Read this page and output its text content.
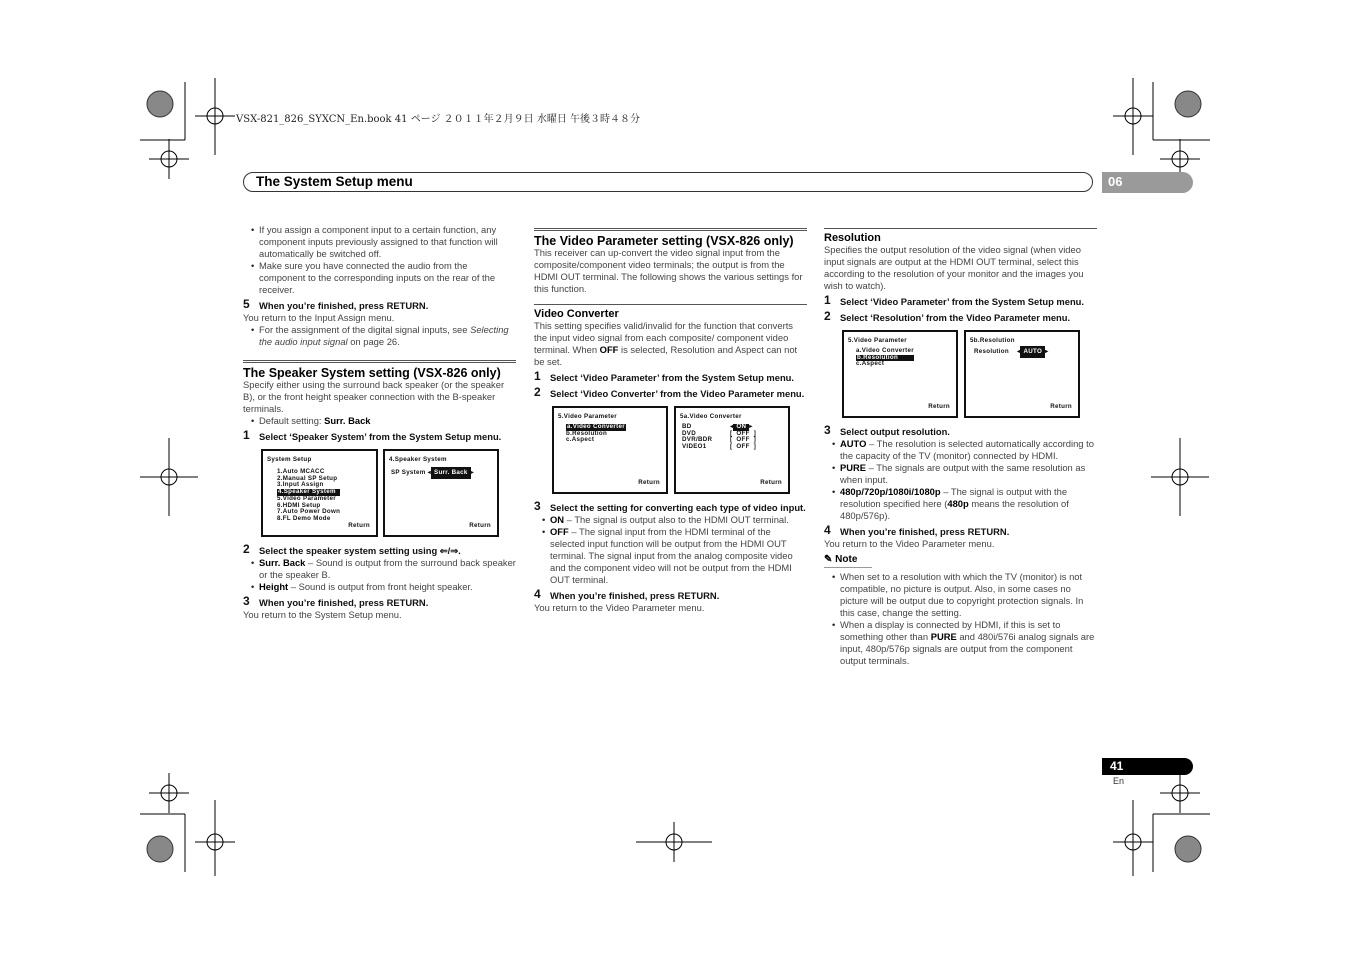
VSX-821_826_SYXCN_En.book 41 ページ ２０１１年２月９日 水曜日 午後３時４８分
The System Setup menu	06

• If you assign a component input to a certain function, any component inputs previously assigned to that function will automatically be switched off.

• Make sure you have connected the audio from the component to the corresponding inputs on the rear of the receiver.

5 When you’re finished, press RETURN.

You return to the Input Assign menu.

• For the assignment of the digital signal inputs, see Selecting the audio input signal on page 26.

The Speaker System setting (VSX-826 only)

Specify either using the surround back speaker (or the speaker B), or the front height speaker connection with the B-speaker terminals.

• Default setting: Surr. Back

1 Select ‘Speaker System’ from the System Setup menu.
System Setup
1.Auto MCACC
2.Manual SP Setup
3.Input Assign
4.Speaker System
5.Video Parameter
6.HDMI Setup
7.Auto Power Down
8.FL Demo Mode
Return
4.Speaker System
SP System ◂ Surr. Back ▸
Return
2 Select the speaker system setting using ⇐/⇒.

• Surr. Back – Sound is output from the surround back speaker or the speaker B.

• Height – Sound is output from front height speaker.

3 When you’re finished, press RETURN.

You return to the System Setup menu.

The Video Parameter setting (VSX-826 only)

This receiver can up-convert the video signal input from the composite/component video terminals; the output is from the HDMI OUT terminal. The following shows the various settings for this function.

Video Converter

This setting specifies valid/invalid for the function that converts the input video signal from each composite/ component video terminal. When OFF is selected, Resolution and Aspect can not be set.

1 Select ‘Video Parameter’ from the System Setup menu.
2 Select ‘Video Converter’ from the Video Parameter menu.
5.Video Parameter
a.Video Converter
b.Resolution
c.Aspect
Return
5a.Video Converter
BD	◂ ON ▸
DVD	[  OFF  ]
DVR/BDR	[  OFF  ]
VIDEO1	[  OFF  ]
Return
3 Select the setting for converting each type of video input.

• ON – The signal is output also to the HDMI OUT terminal.

• OFF – The signal input from the HDMI terminal of the selected input function will be output from the HDMI OUT terminal. The signal input from the analog composite video and the component video will not be output from the HDMI OUT terminal.

4 When you’re finished, press RETURN.

You return to the Video Parameter menu.

Resolution

Specifies the output resolution of the video signal (when video input signals are output at the HDMI OUT terminal, select this according to the resolution of your monitor and the images you wish to watch).

1 Select ‘Video Parameter’ from the System Setup menu.
2 Select ‘Resolution’ from the Video Parameter menu.
5.Video Parameter
a.Video Converter
b.Resolution
c.Aspect
Return
5b.Resolution
Resolution    ◂ AUTO ▸
Return
3 Select output resolution.

• AUTO – The resolution is selected automatically according to the capacity of the TV (monitor) connected by HDMI.

• PURE – The signals are output with the same resolution as when input.

• 480p/720p/1080i/1080p – The signal is output with the resolution specified here (480p means the resolution of 480p/576p).

4 When you’re finished, press RETURN.

You return to the Video Parameter menu.

✎ Note

• When set to a resolution with which the TV (monitor) is not compatible, no picture is output. Also, in some cases no picture will be output due to copyright protection signals. In this case, change the setting.

• When a display is connected by HDMI, if this is set to something other than PURE and 480i/576i analog signals are input, 480p/576p signals are output from the component output terminals.

41
En
